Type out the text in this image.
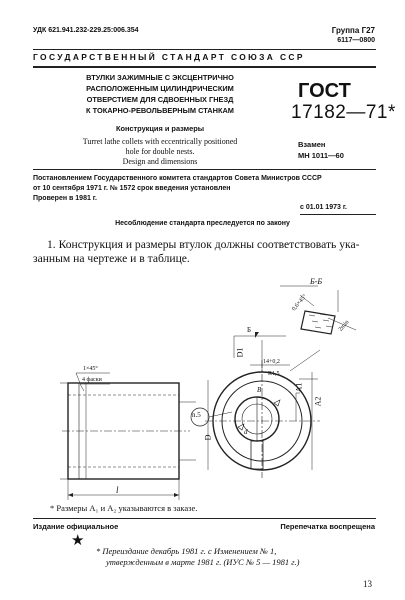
УДК 621.941.232-229.25:006.354	Группа Г27
6117—0800
ГОСУДАРСТВЕННЫЙ СТАНДАРТ СОЮЗА ССР
ВТУЛКИ ЗАЖИМНЫЕ С ЭКСЦЕНТРИЧНО
РАСПОЛОЖЕННЫМ ЦИЛИНДРИЧЕСКИМ
ОТВЕРСТИЕМ ДЛЯ СДВОЕННЫХ ГНЕЗД
К ТОКАРНО-РЕВОЛЬВЕРНЫМ СТАНКАМ
Конструкция и размеры
Turret lathe collets with eccentrically positioned
hole for double nests.
Design and dimensions
ГОСТ
17182—71*
Взамен
МН 1011—60
Постановлением Государственного комитета стандартов Совета Министров СССР
от 10 сентября 1971 г. № 1572 срок введения установлен
Проверен в 1981 г.
с 01.01 1973 г.
Несоблюдение стандарта преследуется по закону
1. Конструкция и размеры втулок должны соответствовать ука-
занным на чертеже и в таблице.
1×45°
4 фаски
l
n.5
D1
D
A1
A2
R1,5
14+0,2
B
d
Б
Б-Б
0,6×45°
2min
* Размеры A₁ и A₂ указываются в заказе.
Издание официальное	Перепечатка воспрещена
★
* Переиздание декабрь 1981 г. с Изменением № 1,
утвержденным в марте 1981 г. (ИУС № 5 — 1981 г.)
13
